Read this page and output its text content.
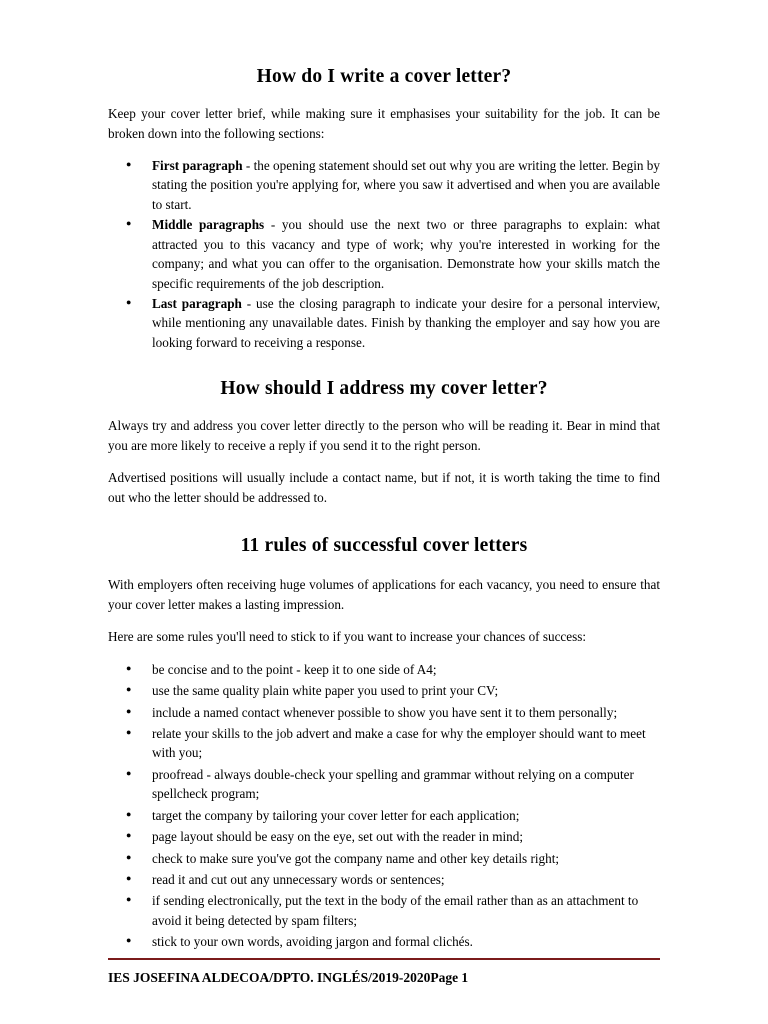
How do I write a cover letter?

Keep your cover letter brief, while making sure it emphasises your suitability for the job. It can be broken down into the following sections:

● First paragraph - the opening statement should set out why you are writing the letter. Begin by stating the position you're applying for, where you saw it advertised and when you are available to start.
● Middle paragraphs - you should use the next two or three paragraphs to explain: what attracted you to this vacancy and type of work; why you're interested in working for the company; and what you can offer to the organisation. Demonstrate how your skills match the specific requirements of the job description.
● Last paragraph - use the closing paragraph to indicate your desire for a personal interview, while mentioning any unavailable dates. Finish by thanking the employer and say how you are looking forward to receiving a response.
How should I address my cover letter?

Always try and address you cover letter directly to the person who will be reading it. Bear in mind that you are more likely to receive a reply if you send it to the right person.

Advertised positions will usually include a contact name, but if not, it is worth taking the time to find out who the letter should be addressed to.

11 rules of successful cover letters

With employers often receiving huge volumes of applications for each vacancy, you need to ensure that your cover letter makes a lasting impression.

Here are some rules you'll need to stick to if you want to increase your chances of success:

● be concise and to the point - keep it to one side of A4;
● use the same quality plain white paper you used to print your CV;
● include a named contact whenever possible to show you have sent it to them personally;
● relate your skills to the job advert and make a case for why the employer should want to meet with you;
● proofread - always double-check your spelling and grammar without relying on a computer spellcheck program;
● target the company by tailoring your cover letter for each application;
● page layout should be easy on the eye, set out with the reader in mind;
● check to make sure you've got the company name and other key details right;
● read it and cut out any unnecessary words or sentences;
● if sending electronically, put the text in the body of the email rather than as an attachment to avoid it being detected by spam filters;
● stick to your own words, avoiding jargon and formal clichés.
IES JOSEFINA ALDECOA/DPTO. INGLÉS/2019-2020Page 1
